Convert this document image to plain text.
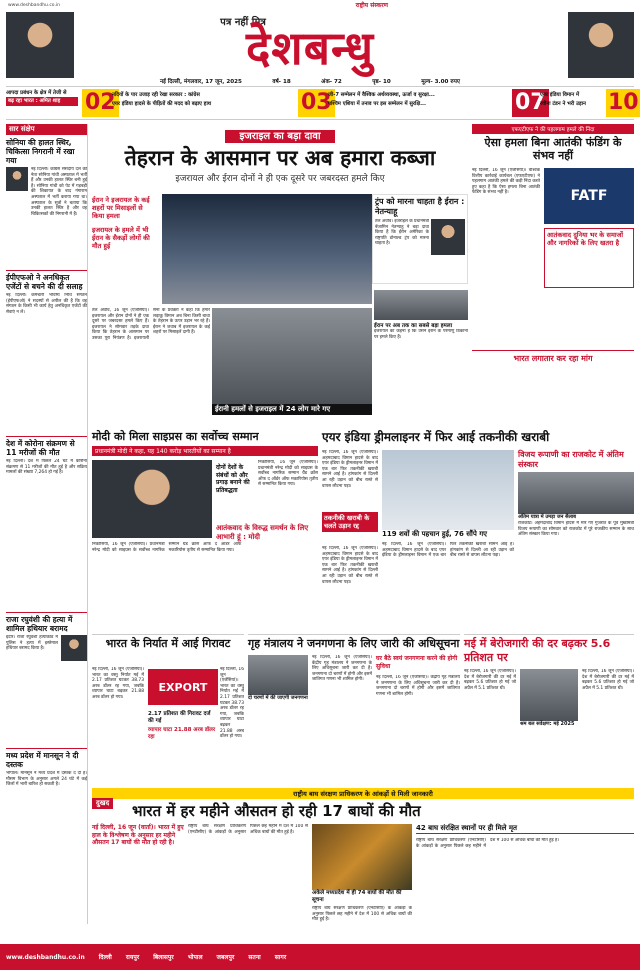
www.deshbandhu.co.in	राष्ट्रीय संस्करण
पत्र नहीं मित्र
देशबन्धु
नई दिल्ली, मंगलवार, 17 जून, 2025	वर्ष- 18	अंक- 72	पृष्ठ- 10	मूल्य- 3.00 रुपए
आपदा प्रबंधन के क्षेत्र में तेजी से
बढ़ रहा भारत : अमित शाह	02
नदियों के पार उजाड़ रही रेखा सरकार : कांग्रेस
एयर इंडिया हादसे के पीड़ितों की मदद को बढ़ाए हाथ	03
जी-7 सम्मेलन में वैश्विक अर्थव्यवस्था, ऊर्जा व सुरक्षा...
पश्चिम एशिया में तनाव पर इस सम्मेलन में सुरक्षि...	07
एयर इंडिया विमान में
रवीना टंडन ने भरी उड़ान	10
सार संक्षेप
सोनिया की हालत स्थिर, चिकित्सा निगरानी में रखा गया
नई दिल्ली। कांग्रेस संसदीय दल की नेता सोनिया गांधी अस्पताल में भर्ती हैं और उनकी हालत स्थिर बनी हुई है। सोनिया गांधी को पेट में गड़बड़ी की शिकायत के बाद गंगाराम अस्पताल में भर्ती कराया गया था। अस्पताल के सूत्रों ने बताया कि उनकी हालत स्थिर है और वह चिकित्सकों की निगरानी में हैं।
ईपीएफओ ने अनधिकृत एजेंटों से बचने की दी सलाह
नई दिल्ली। कर्मचारी भविष्य निधि संगठन (ईपीएफओ) ने सदस्यों से अपील की है कि वह संगठन के किसी भी कार्य हेतु अनधिकृत एजेंटों की सेवाएं न लें।
देश में कोरोना संक्रमण से 11 मरीजों की मौत
नई दिल्ली। देश में पिछले 24 घंटे में कोरोना संक्रमण से 11 मरीजों की मौत हुई है और सक्रिय मामलों की संख्या 7,264 हो गई है।
राजा रघुवंशी की हत्या में शामिल हथियार बरामद
इंदौर। राजा रघुवंशी हत्याकांड में पुलिस ने हत्या में इस्तेमाल हथियार बरामद किया है।
मध्य प्रदेश में मानसून ने दी दस्तक
भोपाल। मानसून ने मध्य प्रदेश में दस्तक दे दी है। मौसम विभाग के अनुसार अगले 24 घंटे में कई जिलों में भारी बारिश हो सकती है।
इजराइल का बड़ा दावा
तेहरान के आसमान पर अब हमारा कब्जा
इजरायल और ईरान दोनों ने ही एक दूसरे पर जबरदस्त हमले किए
ईरान ने इजरायल के कई शहरों पर मिसाइलों से किया हमला
इजरायल के हमले में भी ईरान के सैकड़ों लोगों की मौत हुई
ट्रंप को मारना चाहता है ईरान : नेतन्याहू
तेल अवीव। इजराइल के प्रधानमंत्री बेंजामिन नेतन्याहू ने बड़ा दावा किया है कि ईरान अमेरिका के राष्ट्रपति डोनाल्ड ट्रंप को मारना चाहता है।
तेल अवीव, 16 जून (एजेंसियां)। इजरायल और ईरान दोनों ने ही एक दूसरे पर जबरदस्त हमले किए हैं। इजरायल ने सोमवार तड़के दावा किया कि तेहरान के आसमान पर उसका पूरा नियंत्रण है। इजरायली सेना के प्रवक्ता ने कहा कि हमारे लड़ाकू विमान अब बिना किसी बाधा के तेहरान के ऊपर उड़ान भर रहे हैं। ईरान ने जवाब में इजरायल के कई शहरों पर मिसाइलें दागी हैं।
ईरानी हमलों से इजराइल में 24 लोग मारे गए
ईरान पर अब तक का सबसे बड़ा हमला
इजरायल का कहना है कि उसने ईरान के परमाणु ठिकानों पर हमले किए हैं।
एफएटीएफ ने की पहलगाम हमले की निंदा
ऐसा हमला बिना आतंकी फंडिंग के संभव नहीं
नई दिल्ली, 16 जून (एजेंसियां)। वैश्विक वित्तीय कार्रवाई कार्यबल (एफएटीएफ) ने पहलगाम आतंकी हमले की कड़ी निंदा करते हुए कहा है कि ऐसा हमला बिना आतंकी फंडिंग के संभव नहीं है।	FATF
आतंकवाद दुनिया भर के समाजों और नागरिकों के लिए खतरा है
भारत लगातार कर रहा मांग
मोदी को मिला साइप्रस का सर्वोच्च सम्मान
प्रधानमंत्री मोदी ने कहा, यह 140 करोड़ भारतीयों का सम्मान है
दोनों देशों के संबंधों को और प्रगाढ़ बनाने की प्रतिबद्धता
निकोसिया, 16 जून (एजेंसियां)। प्रधानमंत्री नरेन्द्र मोदी को साइप्रस के सर्वोच्च नागरिक सम्मान ग्रैंड क्रॉस ऑफ द ऑर्डर ऑफ मकारियोस तृतीय से सम्मानित किया गया।
आतंकवाद के विरुद्ध समर्थन के लिए आभारी हूं : मोदी
निकोसिया, 16 जून (एजेंसियां)। प्रधानमंत्री नरेन्द्र मोदी को साइप्रस के सर्वोच्च नागरिक सम्मान ग्रैंड क्रॉस ऑफ द ऑर्डर ऑफ मकारियोस तृतीय से सम्मानित किया गया।
एयर इंडिया ड्रीमलाइनर में फिर आई तकनीकी खराबी
नई दिल्ली, 16 जून (एजेंसियां)। अहमदाबाद विमान हादसे के बाद एयर इंडिया के ड्रीमलाइनर विमान में एक बार फिर तकनीकी खराबी सामने आई है। हांगकांग से दिल्ली आ रही उड़ान को बीच रास्ते से वापस लौटना पड़ा।
तकनीकी खराबी के चलते उड़ान रद्द
नई दिल्ली, 16 जून (एजेंसियां)। अहमदाबाद विमान हादसे के बाद एयर इंडिया के ड्रीमलाइनर विमान में एक बार फिर तकनीकी खराबी सामने आई है। हांगकांग से दिल्ली आ रही उड़ान को बीच रास्ते से वापस लौटना पड़ा।
119 शवों की पहचान हुई, 76 सौंपे गए
नई दिल्ली, 16 जून (एजेंसियां)। अहमदाबाद विमान हादसे के बाद एयर इंडिया के ड्रीमलाइनर विमान में एक बार फिर तकनीकी खराबी सामने आई है। हांगकांग से दिल्ली आ रही उड़ान को बीच रास्ते से वापस लौटना पड़ा।
विजय रूपाणी का राजकोट में अंतिम संस्कार
अंतिम यात्रा में उमड़ा जन सैलाब
राजकोट। अहमदाबाद विमान हादसे में मारे गए गुजरात के पूर्व मुख्यमंत्री विजय रूपाणी का सोमवार को राजकोट में पूरे राजकीय सम्मान के साथ अंतिम संस्कार किया गया।
भारत के निर्यात में आई गिरावट
नई दिल्ली, 16 जून (एजेंसियां)। भारत का वस्तु निर्यात मई में 2.17 प्रतिशत घटकर 38.73 अरब डॉलर रह गया, जबकि व्यापार घाटा बढ़कर 21.88 अरब डॉलर हो गया।
EXPORT
2.17 प्रतिशत की गिरावट दर्ज की गई
व्यापार घाटा 21.88 अरब डॉलर रहा
नई दिल्ली, 16 जून (एजेंसियां)। भारत का वस्तु निर्यात मई में 2.17 प्रतिशत घटकर 38.73 अरब डॉलर रह गया, जबकि व्यापार घाटा बढ़कर 21.88 अरब डॉलर हो गया।
गृह मंत्रालय ने जनगणना के लिए जारी की अधिसूचना
दो चरणों में की जाएगी जनगणना
नई दिल्ली, 16 जून (एजेंसियां)। केंद्रीय गृह मंत्रालय ने जनगणना के लिए अधिसूचना जारी कर दी है। जनगणना दो चरणों में होगी और इसमें जातिगत गणना भी शामिल होगी।
घर बैठे स्वयं जनगणना करने की होगी सुविधा
नई दिल्ली, 16 जून (एजेंसियां)। केंद्रीय गृह मंत्रालय ने जनगणना के लिए अधिसूचना जारी कर दी है। जनगणना दो चरणों में होगी और इसमें जातिगत गणना भी शामिल होगी।
मई में बेरोजगारी की दर बढ़कर 5.6 प्रतिशत पर
नई दिल्ली, 16 जून (एजेंसियां)। देश में बेरोजगारी की दर मई में बढ़कर 5.6 प्रतिशत हो गई जो अप्रैल में 5.1 प्रतिशत थी।
श्रम बल सर्वेक्षण: मई 2025
नई दिल्ली, 16 जून (एजेंसियां)। देश में बेरोजगारी की दर मई में बढ़कर 5.6 प्रतिशत हो गई जो अप्रैल में 5.1 प्रतिशत थी।
राष्ट्रीय बाघ संरक्षण प्राधिकरण के आंकड़ों से मिली जानकारी
दुखद भारत में हर महीने औसतन हो रही 17 बाघों की मौत
नई दिल्ली, 16 जून (वार्ता)। भारत में हुए हाल के विश्लेषण के अनुसार हर महीने औसतन 17 बाघों की मौत हो रही है।
राष्ट्रीय बाघ संरक्षण प्राधिकरण (एनटीसीए) के आंकड़ों के अनुसार पिछले छह महीने में देश में 100 से अधिक बाघों की मौत हुई है।
अकेले मध्यप्रदेश में ही 74 बाघों की मौत की सूचना
राष्ट्रीय बाघ संरक्षण प्राधिकरण (एनटीसीए) के आंकड़ों के अनुसार पिछले छह महीने में देश में 100 से अधिक बाघों की मौत हुई है।
42 बाघ संरक्षित स्थानों पर ही मिले मृत
राष्ट्रीय बाघ संरक्षण प्राधिकरण (एनटीसीए) के आंकड़ों के अनुसार पिछले छह महीने में देश में 100 से अधिक बाघों की मौत हुई है।
www.deshbandhu.co.in दिल्ली रायपुर बिलासपुर भोपाल जबलपुर सतना सागर
